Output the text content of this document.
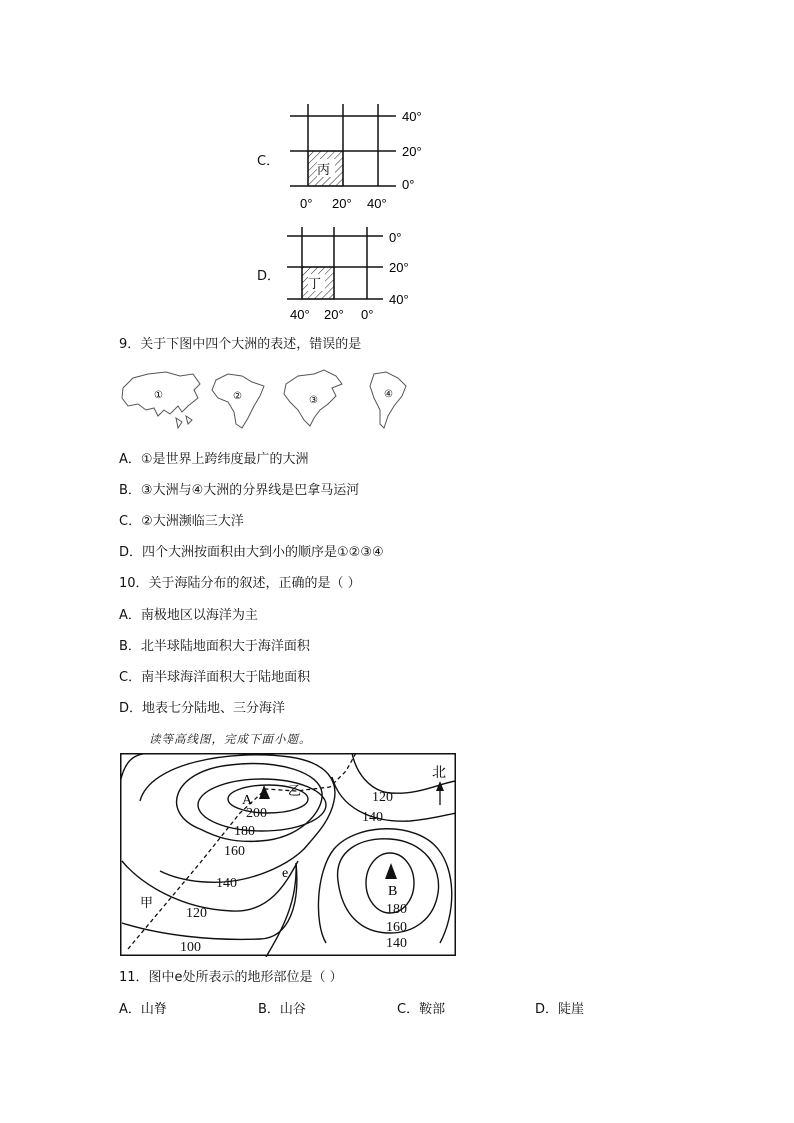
C．
丙
40°
20°
0°
0° 20° 40°
D． 丁
0°
20°
40°
40° 20° 0°
9．关于下图中四个大洲的表述，错误的是
①	②	③
④
A．①是世界上跨纬度最广的大洲
B．③大洲与④大洲的分界线是巴拿马运河
C．②大洲濒临三大洋
D．四个大洲按面积由大到小的顺序是①②③④
10．关于海陆分布的叙述，正确的是（ ）
A．南极地区以海洋为主
B．北半球陆地面积大于海洋面积
C．南半球海洋面积大于陆地面积
D．地表七分陆地、三分海洋
读等高线图，完成下面小题。
北
A
乙
B
甲
e
200
180
160
140
120
100
120
140
180
160
140
11．图中e处所表示的地形部位是（ ）
A．山脊	B．山谷	C．鞍部	D．陡崖
